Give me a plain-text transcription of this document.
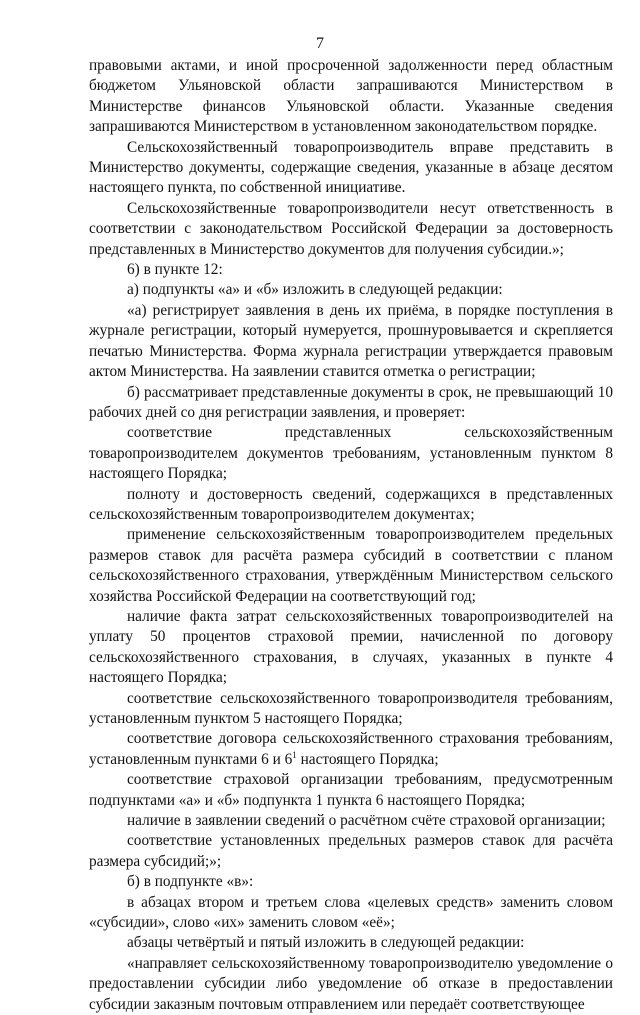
7

правовыми актами, и иной просроченной задолженности перед областным бюджетом Ульяновской области запрашиваются Министерством в Министерстве финансов Ульяновской области. Указанные сведения запрашиваются Министерством в установленном законодательством порядке.

Сельскохозяйственный товаропроизводитель вправе представить в Министерство документы, содержащие сведения, указанные в абзаце десятом настоящего пункта, по собственной инициативе.

Сельскохозяйственные товаропроизводители несут ответственность в соответствии с законодательством Российской Федерации за достоверность представленных в Министерство документов для получения субсидии.»;

6) в пункте 12:

а) подпункты «а» и «б» изложить в следующей редакции:

«а) регистрирует заявления в день их приёма, в порядке поступления в журнале регистрации, который нумеруется, прошнуровывается и скрепляется печатью Министерства. Форма журнала регистрации утверждается правовым актом Министерства. На заявлении ставится отметка о регистрации;

б) рассматривает представленные документы в срок, не превышающий 10 рабочих дней со дня регистрации заявления, и проверяет:

соответствие представленных сельскохозяйственным товаропроизводителем документов требованиям, установленным пунктом 8 настоящего Порядка;

полноту и достоверность сведений, содержащихся в представленных сельскохозяйственным товаропроизводителем документах;

применение сельскохозяйственным товаропроизводителем предельных размеров ставок для расчёта размера субсидий в соответствии с планом сельскохозяйственного страхования, утверждённым Министерством сельского хозяйства Российской Федерации на соответствующий год;

наличие факта затрат сельскохозяйственных товаропроизводителей на уплату 50 процентов страховой премии, начисленной по договору сельскохозяйственного страхования, в случаях, указанных в пункте 4 настоящего Порядка;

соответствие сельскохозяйственного товаропроизводителя требованиям, установленным пунктом 5 настоящего Порядка;

соответствие договора сельскохозяйственного страхования требованиям, установленным пунктами 6 и $6^1$ настоящего Порядка;

соответствие страховой организации требованиям, предусмотренным подпунктами «а» и «б» подпункта 1 пункта 6 настоящего Порядка;

наличие в заявлении сведений о расчётном счёте страховой организации;

соответствие установленных предельных размеров ставок для расчёта размера субсидий;»;

б) в подпункте «в»:

в абзацах втором и третьем слова «целевых средств» заменить словом «субсидии», слово «их» заменить словом «её»;

абзацы четвёртый и пятый изложить в следующей редакции:

«направляет сельскохозяйственному товаропроизводителю уведомление о предоставлении субсидии либо уведомление об отказе в предоставлении субсидии заказным почтовым отправлением или передаёт соответствующее
